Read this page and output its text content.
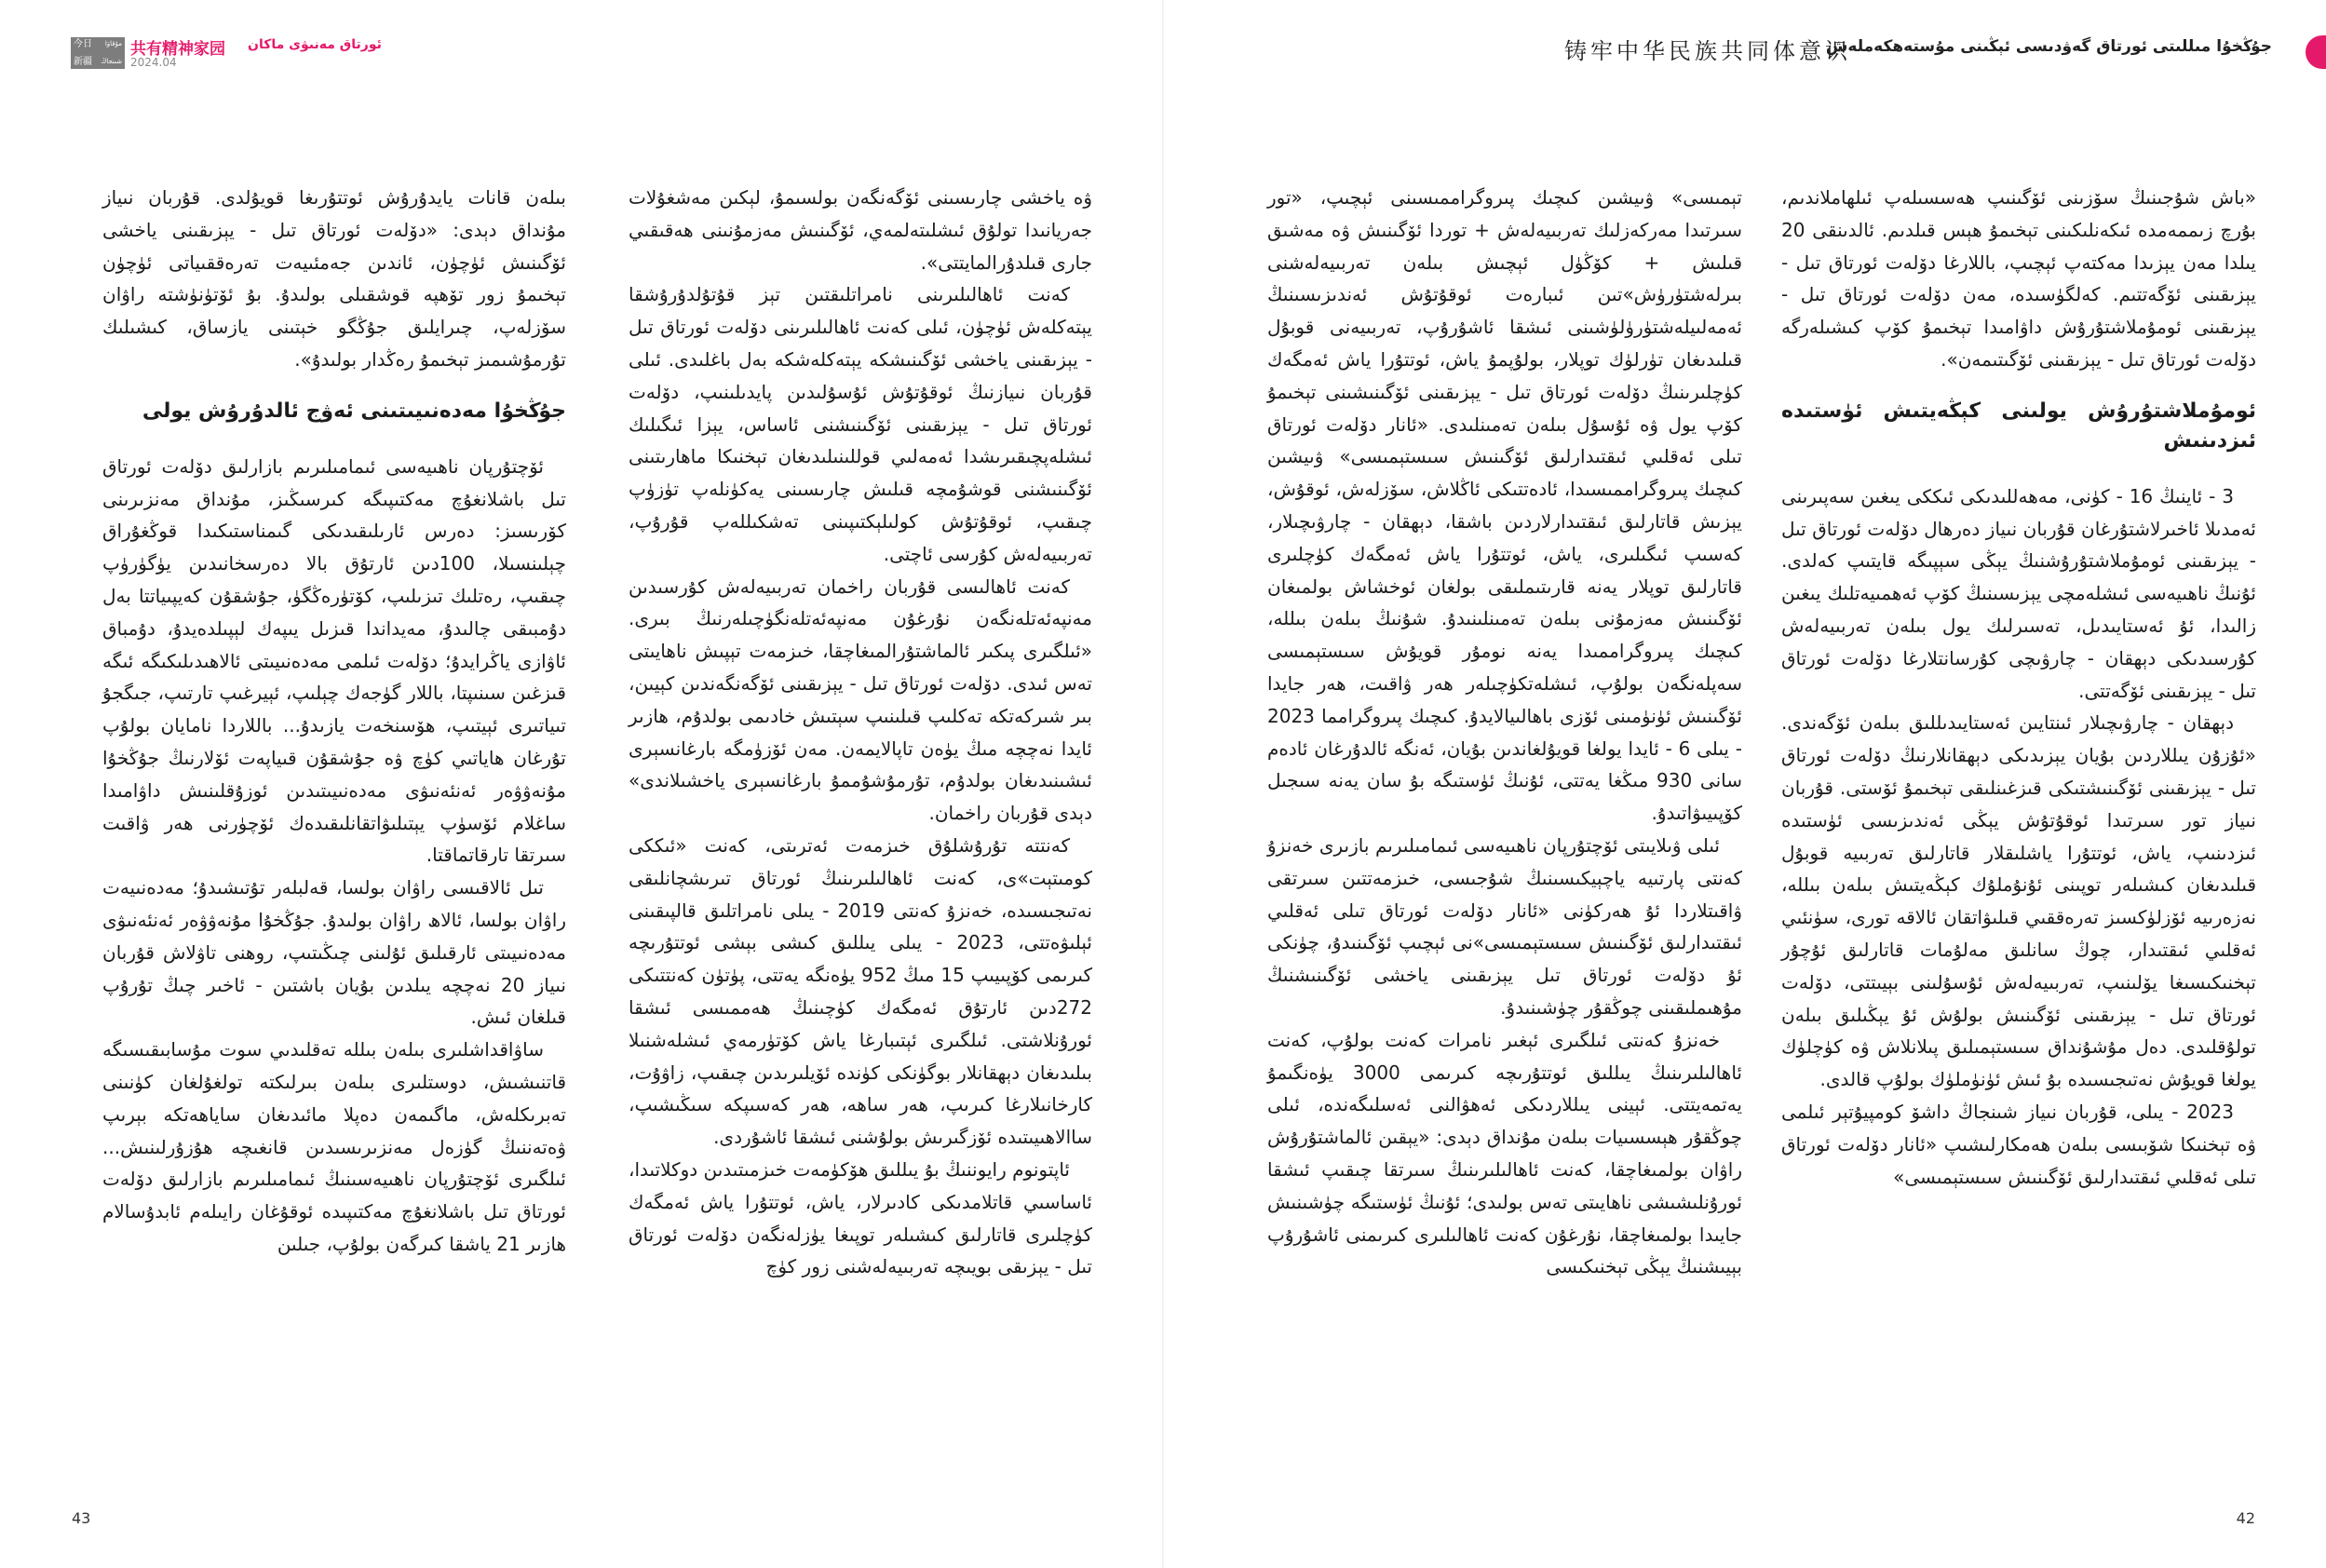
今日 مۇقاۋا
新疆 شىنجاڭ
共有精神家园 ئورتاق مەنىۋى ماكان
2024.04

ۋە ياخشى چارىسىنى ئۆگەنگەن بولسىمۇ، لېكىن مەشغۇلات جەريانىدا تولۇق ئىشلىتەلمەي، ئۆگىنىش مەزمۇنىنى ھەقىقىي جارى قىلدۇرالمايتتى».

كەنت ئاھالىلىرىنى نامراتلىقتىن تېز قۇتۇلدۇرۇشقا يېتەكلەش ئۈچۈن، ئىلى كەنت ئاھالىلىرىنى دۆلەت ئورتاق تىل - يېزىقىنى ياخشى ئۆگىنىشكە يېتەكلەشكە بەل باغلىدى. ئىلى قۇربان نىيازنىڭ ئوقۇتۇش ئۇسۇلىدىن پايدىلىنىپ، دۆلەت ئورتاق تىل - يېزىقىنى ئۆگىنىشنى ئاساس، يېزا ئىگىلىك ئىشلەپچىقىرىشدا ئەمەلىي قوللىنىلىدىغان تېخنىكا ماھارىتىنى ئۆگىنىشنى قوشۇمچە قىلىش چارىسىنى يەكۈنلەپ تۈزۈپ چىقىپ، ئوقۇتۇش كولىلېكتىپىنى تەشكىللەپ قۇرۇپ، تەربىيەلەش كۇرسى ئاچتى.

كەنت ئاھالىسى قۇربان راخمان تەربىيەلەش كۇرسىدىن مەنپەئەتلەنگەن نۇرغۇن مەنپەئەتلەنگۈچىلەرنىڭ بىرى. «ئىلگىرى پىكىر ئالماشتۇرالمىغاچقا، خىزمەت تېپىش ناھايىتى تەس ئىدى. دۆلەت ئورتاق تىل - يېزىقىنى ئۆگەنگەندىن كېيىن، بىر شىركەتكە تەكلىپ قىلىنىپ سېتىش خادىمى بولدۇم، ھازىر ئايدا نەچچە مىڭ يۈەن تاپالايمەن. مەن ئۆزۈمگە بارغانسېرى ئىشىنىدىغان بولدۇم، تۇرمۇشۇممۇ بارغانسېرى ياخشىلاندى» دېدى قۇربان راخمان.

كەنتتە تۇرۇشلۇق خىزمەت ئەترىتى، كەنت «ئىككى كومىتېت»ى، كەنت ئاھالىلىرىنىڭ ئورتاق تىرىشچانلىقى نەتىجىسىدە، خەنزۇ كەنتى 2019 - يىلى نامراتلىق قالپىقىنى ئېلىۋەتتى، 2023 - يىلى يىللىق كىشى بېشى ئوتتۇرىچە كىرىمى كۆپىيىپ 15 مىڭ 952 يۈەنگە يەتتى، پۈتۈن كەنتتىكى 272دىن ئارتۇق ئەمگەك كۈچىنىڭ ھەممىسى ئىشقا ئورۇنلاشتى. ئىلگىرى ئېتىبارغا ياش كۆتۈرمەي ئىشلەشنىلا بىلىدىغان دېھقانلار بوگۈنكى كۈندە ئۆيلىرىدىن چىقىپ، زاۋۇت، كارخانىلارغا كىرىپ، ھەر ساھە، ھەر كەسىپكە سىڭىشىپ، ساالاھىيىتىدە ئۆزگىرىش بولۇشنى ئىشقا ئاشۇردى.

ئاپتونوم رايوننىڭ بۇ يىللىق ھۆكۈمەت خىزمىتىدىن دوكلاتىدا، ئاساسىي قاتلامدىكى كادىرلار، ياش، ئوتتۇرا ياش ئەمگەك كۈچلىرى قاتارلىق كىشىلەر توپىغا يۈزلەنگەن دۆلەت ئورتاق تىل - يېزىقى بويىچە تەربىيەلەشنى زور كۈچ

بىلەن قانات يايدۇرۇش ئوتتۇرىغا قويۇلدى. قۇربان نىياز مۇنداق دېدى: «دۆلەت ئورتاق تىل - يېزىقىنى ياخشى ئۆگىنىش ئۈچۈن، ئاندىن جەمئىيەت تەرەققىياتى ئۈچۈن تېخىمۇ زور تۆھپە قوشقىلى بولىدۇ. بۇ ئۆتۈنۈشتە راۋان سۆزلەپ، چىرايلىق جۇڭگو خېتىنى يازساق، كىشىلىك تۇرمۇشىمىز تېخىمۇ رەڭدار بولىدۇ».

جۇڭخۇا مەدەنىيىتىنى ئەۋج ئالدۇرۇش يولى

ئۆچتۇرپان ناھىيەسى ئىمامىلىرىم بازارلىق دۆلەت ئورتاق تىل باشلانغۇچ مەكتىپىگە كىرسىڭىز، مۇنداق مەنزىرىنى كۆرىسىز: دەرس ئارىلىقىدىكى گىمناستىكىدا قوڭغۇراق چېلىنسىلا، 100دىن ئارتۇق بالا دەرسخانىدىن يۈگۈرۈپ چىقىپ، رەتلىك تىزىلىپ، كۆتۈرەڭگۈ، جۇشقۇن كەيپىياتتا بەل دۇمبىقى چالىدۇ، مەيداندا قىزىل يىپەك لېپىلدەيدۇ، دۇمباق ئاۋازى ياڭرايدۇ؛ دۆلەت ئىلمى مەدەنىيىتى ئالاھىدىلىكىگە ئىگە قىزغىن سىنىپتا، باللار گۈجەك چېلىپ، ئېيرغىپ تارتىپ، جىگجۇ تىياتىرى ئېيتىپ، ھۆسنخەت يازىدۇ... باللاردا نامايان بولۇپ تۇرغان ھاياتىي كۈچ ۋە جۇشقۇن قىياپەت ئۆلارنىڭ جۇڭخۇا مۇنەۋۋەر ئەنئەنىۋى مەدەنىيىتىدىن ئوزۇقلىنىش داۋامىدا ساغلام ئۆسۈپ يېتىلىۋاتقانلىقىدەك ئۆچۈرنى ھەر ۋاقىت سىرتقا تارقاتماقتا.

تىل ئالاقىسى راۋان بولسا، قەلبلەر تۇتىشىدۇ؛ مەدەنىيەت راۋان بولسا، ئالاھ راۋان بولىدۇ. جۇڭخۇا مۇنەۋۋەر ئەنئەنىۋى مەدەنىيىتى ئارقىلىق ئۇلىنى چىڭىتىپ، روھنى تاۋلاش قۇربان نىياز 20 نەچچە يىلدىن بۇيان باشتىن - ئاخىر چىڭ تۇرۇپ قىلغان ئىش.

ساۋاقداشلىرى بىلەن بىللە تەقلىدىي سوت مۇسابىقىسىگە قاتنىشىش، دوستلىرى بىلەن بىرلىكتە تولغۇلغان كۈنىنى تەبرىكلەش، ماگىمەن دەپلا مائىدىغان ساياھەتكە بېرىپ ۋەتەننىڭ گۈزەل مەنزىرىسىدىن قانغىچە ھۇزۇرلىنىش... ئىلگىرى ئۆچتۇرپان ناھىيەسىنىڭ ئىمامىلىرىم بازارلىق دۆلەت ئورتاق تىل باشلانغۇچ مەكتىپىدە ئوقۇغان رايىلەم ئابدۇسالام ھازىر 21 ياشقا كىرگەن بولۇپ، جىلىن

43
铸牢中华民族共同体意识
جۇڭخۇا مىللىتى ئورتاق گەۋدىسى ئېڭىنى مۇستەھكەملەش

«باش شۇجىنىڭ سۆزىنى ئۆگىنىپ ھەسسىلەپ ئىلھاملاندىم، بۇرچ زىممەمدە ئىكەنلىكىنى تېخىمۇ ھېس قىلدىم. ئالدىنقى 20 يىلدا مەن يېزىدا مەكتەپ ئېچىپ، باللارغا دۆلەت ئورتاق تىل - يېزىقىنى ئۆگەتتىم. كەلگۈسىدە، مەن دۆلەت ئورتاق تىل - يېزىقىنى ئومۇملاشتۇرۇش داۋامىدا تېخىمۇ كۆپ كىشىلەرگە دۆلەت ئورتاق تىل - يېزىقىنى ئۆگىتىمەن».

ئومۇملاشتۇرۇش يولىنى كېڭەيتىش ئۈستىدە ئىزدىنىش

3 - ئاينىڭ 16 - كۈنى، مەھەللىدىكى ئىككى يىغىن سەپىرىنى ئەمدىلا ئاخىرلاشتۇرغان قۇربان نىياز دەرھال دۆلەت ئورتاق تىل - يېزىقىنى ئومۇملاشتۇرۇشنىڭ يېڭى سېپىگە قايتىپ كەلدى. ئۇنىڭ ناھىيەسى ئىشلەمچى يېزىسىنىڭ كۆپ ئەھمىيەتلىك يىغىن زالىدا، ئۇ ئەستايىدىل، تەسىرلىك يول بىلەن تەربىيەلەش كۇرسىدىكى دېھقان - چارۋىچى كۇرسانتلارغا دۆلەت ئورتاق تىل - يېزىقىنى ئۆگەتتى.

دېھقان - چارۋىچىلار ئىنتايىن ئەستايىدىللىق بىلەن ئۆگەندى. «ئۇزۇن يىللاردىن بۇيان يېزىدىكى دېھقانلارنىڭ دۆلەت ئورتاق تىل - يېزىقىنى ئۆگىنىشتىكى قىزغىنلىقى تېخىمۇ ئۆستى. قۇربان نىياز تور سىرتىدا ئوقۇتۇش يېڭى ئەندىزىسى ئۈستىدە ئىزدىنىپ، ياش، ئوتتۇرا ياشلىقلار قاتارلىق تەربىيە قوبۇل قىلىدىغان كىشىلەر توپىنى ئۇنۇملۇك كېڭەيتىش بىلەن بىللە، نەزەرىيە ئۆزلۈكسىز تەرەققىي قىلىۋاتقان ئالاقە تورى، سۈنئىي ئەقلىي ئىقتىدار، چوڭ سانلىق مەلۇمات قاتارلىق ئۇچۇر تېخنىكىسىغا يۆلىنىپ، تەربىيەلەش ئۇسۇلىنى بېيىتتى، دۆلەت ئورتاق تىل - يېزىقىنى ئۆگىنىش بولۇش ئۇ يېڭىلىق بىلەن تولۇقلىدى. دەل مۇشۇنداق سىستېمىلىق پىلانلاش ۋە كۈچلۈك يولغا قويۇش نەتىجىسىدە بۇ ئىش ئۈنۈملۈك بولۇپ قالدى.

2023 - يىلى، قۇربان نىياز شىنجاڭ داشۆ كومپيۇتېر ئىلمى ۋە تېخنىكا شۆبىسى بىلەن ھەمكارلىشىپ «ئانار دۆلەت ئورتاق تىلى ئەقلىي ئىقتىدارلىق ئۆگىنىش سىستېمىسى»

تېمىسى» ۋىيشىن كىچىك پىروگراممىسىنى ئېچىپ، «تور سىرتىدا مەركەزلىك تەربىيەلەش + توردا ئۆگىنىش ۋە مەشىق قىلىش + كۆڭۈل ئېچىش بىلەن تەربىيەلەشنى بىرلەشتۈرۈش»تىن ئىبارەت ئوقۇتۇش ئەندىزىسىنىڭ ئەمەلىيلەشتۈرۈلۈشىنى ئىشقا ئاشۇرۇپ، تەربىيەنى قوبۇل قىلىدىغان تۈرلۈك توپلار، بولۇپمۇ ياش، ئوتتۇرا ياش ئەمگەك كۈچلىرىنىڭ دۆلەت ئورتاق تىل - يېزىقىنى ئۆگىنىشىنى تېخىمۇ كۆپ يول ۋە ئۇسۇل بىلەن تەمىنلىدى. «ئانار دۆلەت ئورتاق تىلى ئەقلىي ئىقتىدارلىق ئۆگىنىش سىستېمىسى» ۋىيشىن كىچىك پىروگراممىسىدا، ئادەتتىكى ئاڭلاش، سۆزلەش، ئوقۇش، يېزىش قاتارلىق ئىقتىدارلاردىن باشقا، دېھقان - چارۋىچىلار، كەسىپ ئىگىلىرى، ياش، ئوتتۇرا ياش ئەمگەك كۈچلىرى قاتارلىق توپلار يەنە قارىتىملىقى بولغان ئوخشاش بولمىغان ئۆگىنىش مەزمۇنى بىلەن تەمىنلىنىدۇ. شۇنىڭ بىلەن بىللە، كىچىك پىروگراممىدا يەنە نومۇر قويۇش سىستېمىسى سەپلەنگەن بولۇپ، ئىشلەتكۈچىلەر ھەر ۋاقىت، ھەر جايدا ئۆگىنىش ئۈنۈمىنى ئۆزى باھالىيالايدۇ. كىچىك پىروگرامما 2023 - يىلى 6 - ئايدا يولغا قويۇلغاندىن بۇيان، ئەنگە ئالدۇرغان ئادەم سانى 930 مىڭغا يەتتى، ئۇنىڭ ئۈستىگە بۇ سان يەنە سىجىل كۆپىيىۋاتىدۇ.

ئىلى ۋىلايىتى ئۆچتۇرپان ناھىيەسى ئىمامىلىرىم بازىرى خەنزۇ كەنتى پارتىيە ياچېيكىسىنىڭ شۇجىسى، خىزمەتتىن سىرتقى ۋاقىتلاردا ئۇ ھەركۈنى «ئانار دۆلەت ئورتاق تىلى ئەقلىي ئىقتىدارلىق ئۆگىنىش سىستېمىسى»نى ئېچىپ ئۆگىنىدۇ، چۈنكى ئۇ دۆلەت ئورتاق تىل يېزىقىنى ياخشى ئۆگىنىشنىڭ مۇھىملىقىنى چوڭقۇر چۈشىنىدۇ.

خەنزۇ كەنتى ئىلگىرى ئېغىر نامرات كەنت بولۇپ، كەنت ئاھالىلىرىنىڭ يىللىق ئوتتۇرىچە كىرىمى 3000 يۈەنگىمۇ يەتمەيتتى. ئېينى يىللاردىكى ئەھۋالنى ئەسلىگەندە، ئىلى چوڭقۇر ھېسسىيات بىلەن مۇنداق دېدى: «يېقىن ئالماشتۇرۇش راۋان بولمىغاچقا، كەنت ئاھالىلىرىنىڭ سىرتقا چىقىپ ئىشقا ئورۇنلىشىشى ناھايىتى تەس بولىدى؛ ئۇنىڭ ئۈستىگە چۈشىنىش جايىدا بولمىغاچقا، نۇرغۇن كەنت ئاھالىلىرى كىرىمنى ئاشۇرۇپ بېيىشنىڭ يېڭى تېخنىكىسى

42
